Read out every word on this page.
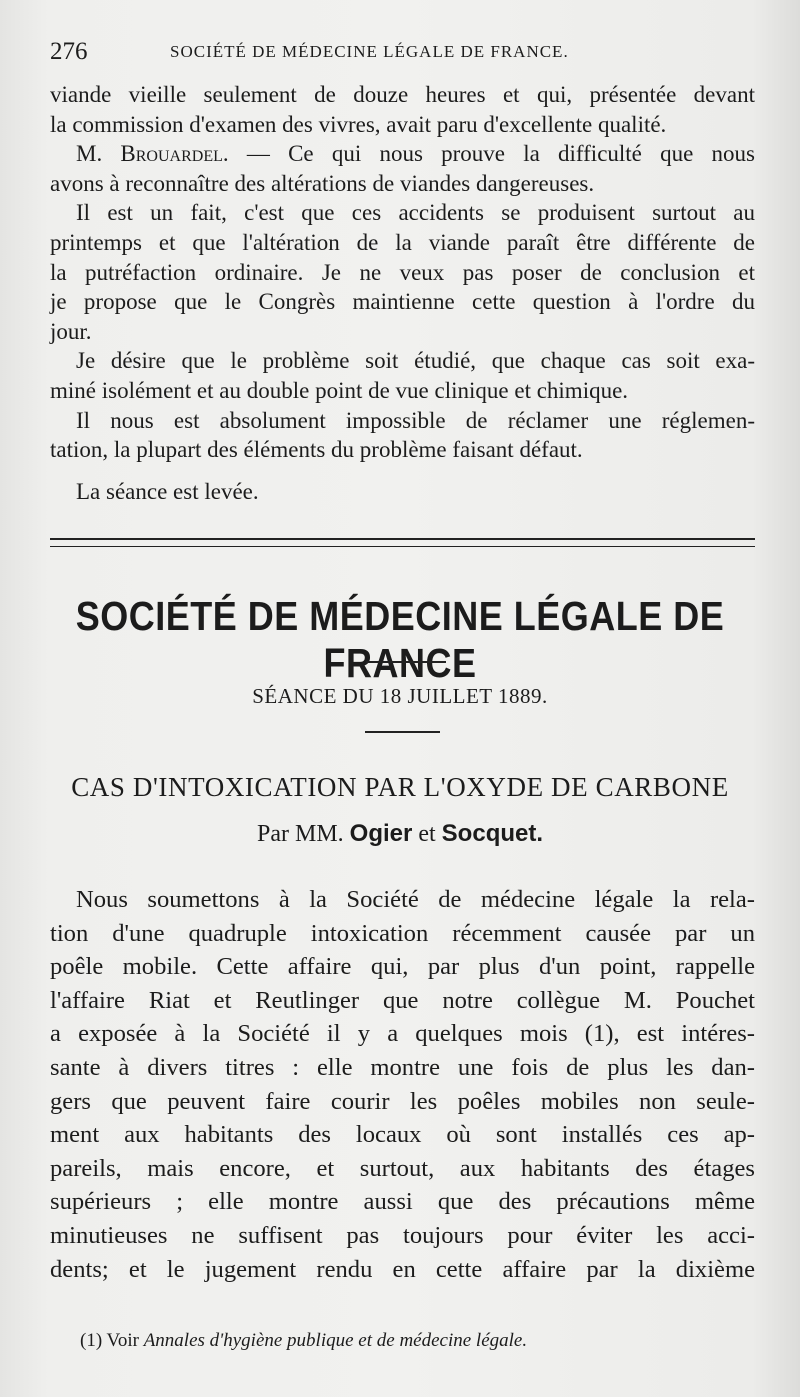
276	SOCIÉTÉ DE MÉDECINE LÉGALE DE FRANCE.

viande vieille seulement de douze heures et qui, présentée devant
la commission d'examen des vivres, avait paru d'excellente qualité.

M. Brouardel. — Ce qui nous prouve la difficulté que nous
avons à reconnaître des altérations de viandes dangereuses.

Il est un fait, c'est que ces accidents se produisent surtout au
printemps et que l'altération de la viande paraît être différente de
la putréfaction ordinaire. Je ne veux pas poser de conclusion et
je propose que le Congrès maintienne cette question à l'ordre du
jour.

Je désire que le problème soit étudié, que chaque cas soit exa-
miné isolément et au double point de vue clinique et chimique.

Il nous est absolument impossible de réclamer une réglemen-
tation, la plupart des éléments du problème faisant défaut.

La séance est levée.

SOCIÉTÉ DE MÉDECINE LÉGALE DE FRANCE
SÉANCE DU 18 JUILLET 1889.
CAS D'INTOXICATION PAR L'OXYDE DE CARBONE
Par MM. Ogier et Socquet.

Nous soumettons à la Société de médecine légale la rela-
tion d'une quadruple intoxication récemment causée par un
poêle mobile. Cette affaire qui, par plus d'un point, rappelle
l'affaire Riat et Reutlinger que notre collègue M. Pouchet
a exposée à la Société il y a quelques mois (1), est intéres-
sante à divers titres : elle montre une fois de plus les dan-
gers que peuvent faire courir les poêles mobiles non seule-
ment aux habitants des locaux où sont installés ces ap-
pareils, mais encore, et surtout, aux habitants des étages
supérieurs ; elle montre aussi que des précautions même
minutieuses ne suffisent pas toujours pour éviter les acci-
dents; et le jugement rendu en cette affaire par la dixième

(1) Voir Annales d'hygiène publique et de médecine légale.
